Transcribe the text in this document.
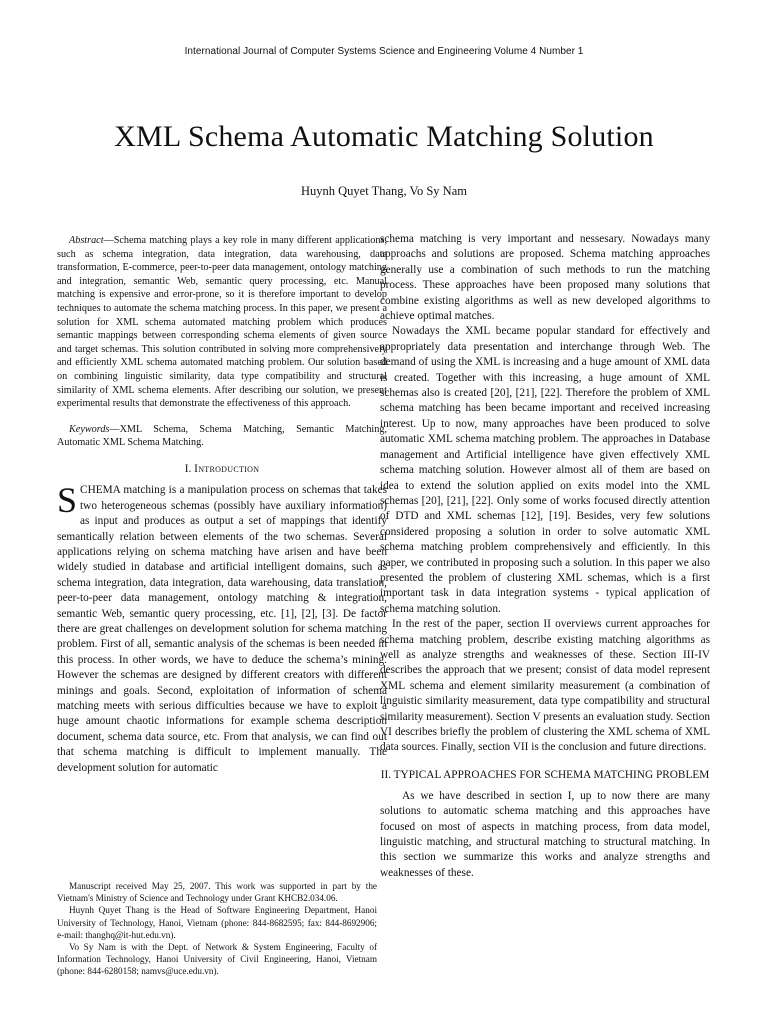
International Journal of Computer Systems Science and Engineering Volume 4 Number 1
XML Schema Automatic Matching Solution
Huynh Quyet Thang, Vo Sy Nam

Abstract—Schema matching plays a key role in many different applications, such as schema integration, data integration, data warehousing, data transformation, E-commerce, peer-to-peer data management, ontology matching and integration, semantic Web, semantic query processing, etc. Manual matching is expensive and error-prone, so it is therefore important to develop techniques to automate the schema matching process. In this paper, we present a solution for XML schema automated matching problem which produces semantic mappings between corresponding schema elements of given source and target schemas. This solution contributed in solving more comprehensively and efficiently XML schema automated matching problem. Our solution based on combining linguistic similarity, data type compatibility and structural similarity of XML schema elements. After describing our solution, we present experimental results that demonstrate the effectiveness of this approach.

Keywords—XML Schema, Schema Matching, Semantic Matching, Automatic XML Schema Matching.

I. Introduction

SCHEMA matching is a manipulation process on schemas that takes two heterogeneous schemas (possibly have auxiliary information) as input and produces as output a set of mappings that identify semantically relation between elements of the two schemas. Several applications relying on schema matching have arisen and have been widely studied in database and artificial intelligent domains, such as schema integration, data integration, data warehousing, data translation, peer-to-peer data management, ontology matching & integration, semantic Web, semantic query processing, etc. [1], [2], [3]. De factor there are great challenges on development solution for schema matching problem. First of all, semantic analysis of the schemas is been needed in this process. In other words, we have to deduce the schema’s mining. However the schemas are designed by different creators with different minings and goals. Second, exploitation of information of schema matching meets with serious difficulties because we have to exploit a huge amount chaotic informations for example schema description document, schema data source, etc. From that analysis, we can find out that schema matching is difficult to implement manually. The development solution for automatic

schema matching is very important and nessesary. Nowadays many approachs and solutions are proposed. Schema matching approaches generally use a combination of such methods to run the matching process. These approaches have been proposed many solutions that combine existing algorithms as well as new developed algorithms to achieve optimal matches.

Nowadays the XML became popular standard for effectively and appropriately data presentation and interchange through Web. The demand of using the XML is increasing and a huge amount of XML data is created. Together with this increasing, a huge amount of XML schemas also is created [20], [21], [22]. Therefore the problem of XML schema matching has been became important and received increasing interest. Up to now, many approaches have been produced to solve automatic XML schema matching problem. The approaches in Database management and Artificial intelligence have given effectively XML schema matching solution. However almost all of them are based on idea to extend the solution applied on exits model into the XML schemas [20], [21], [22]. Only some of works focused directly attention of DTD and XML schemas [12], [19]. Besides, very few solutions considered proposing a solution in order to solve automatic XML schema matching problem comprehensively and efficiently. In this paper, we contributed in proposing such a solution. In this paper we also presented the problem of clustering XML schemas, which is a first important task in data integration systems - typical application of schema matching solution.

In the rest of the paper, section II overviews current approaches for schema matching problem, describe existing matching algorithms as well as analyze strengths and weaknesses of these. Section III-IV describes the approach that we present; consist of data model represent XML schema and element similarity measurement (a combination of linguistic similarity measurement, data type compatibility and structural similarity measurement). Section V presents an evaluation study. Section VI describes briefly the problem of clustering the XML schema of XML data sources. Finally, section VII is the conclusion and future directions.

II. TYPICAL APPROACHES FOR SCHEMA MATCHING PROBLEM

As we have described in section I, up to now there are many solutions to automatic schema matching and this approaches have focused on most of aspects in matching process, from data model, linguistic matching, and structural matching to structural matching. In this section we summarize this works and analyze strengths and weaknesses of these.

Manuscript received May 25, 2007. This work was supported in part by the Vietnam's Ministry of Science and Technology under Grant KHCB2.034.06.

Huynh Quyet Thang is the Head of Software Engineering Department, Hanoi University of Technology, Hanoi, Vietnam (phone: 844-8682595; fax: 844-8692906; e-mail: thanghq@it-hut.edu.vn).

Vo Sy Nam is with the Dept. of Network & System Engineering, Faculty of Information Technology, Hanoi University of Civil Engineering, Hanoi, Vietnam (phone: 844-6280158; namvs@uce.edu.vn).
